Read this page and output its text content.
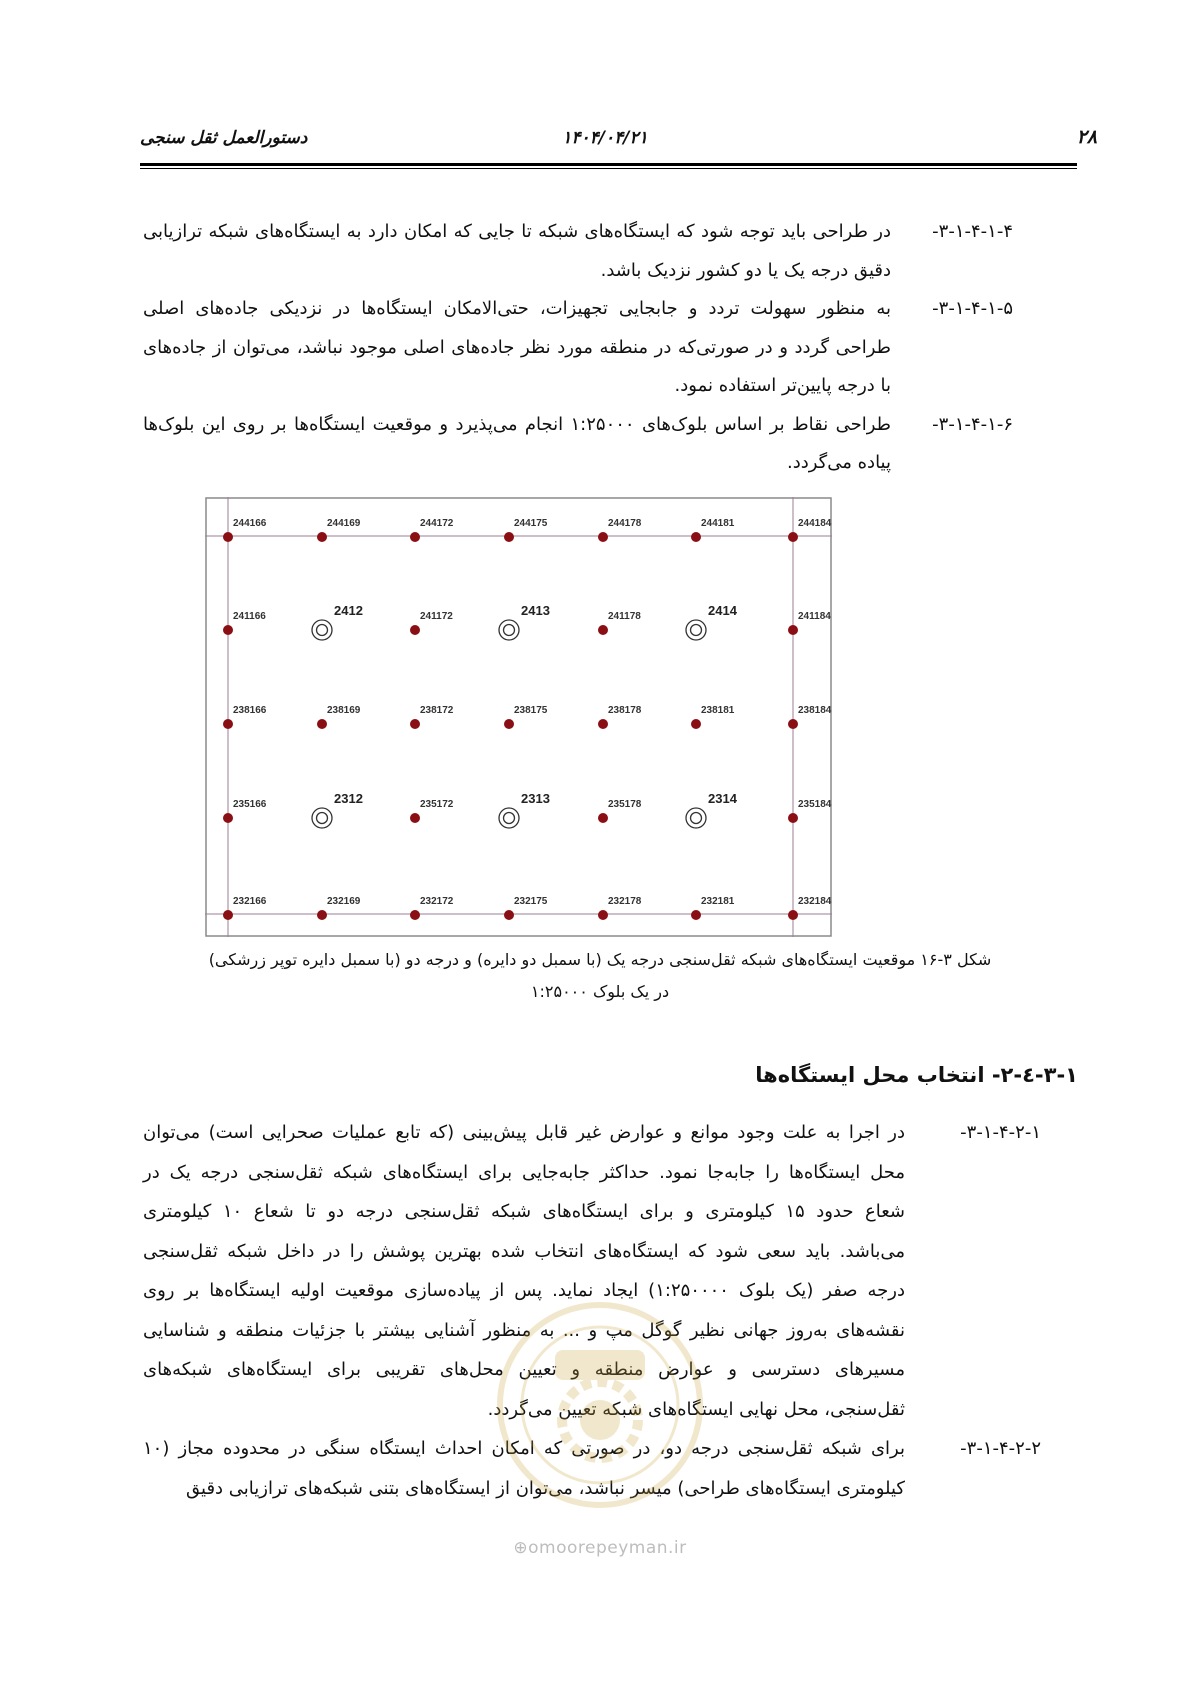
۲۸
۱۴۰۴/۰۴/۲۱
دستورالعمل ثقل سنجی
۳-۱-۴-۱-۴-
در طراحی باید توجه شود که ایستگاه‌های شبکه تا جایی که امکان دارد به ایستگاه‌های شبکه ترازیابی
دقیق درجه یک یا دو کشور نزدیک باشد.
۳-۱-۴-۱-۵-
به منظور سهولت تردد و جابجایی تجهیزات، حتی‌الامکان ایستگاه‌ها در نزدیکی جاده‌های اصلی
طراحی گردد و در صورتی‌که در منطقه مورد نظر جاده‌های اصلی موجود نباشد، می‌توان از جاده‌های
با درجه پایین‌تر استفاده نمود.
۳-۱-۴-۱-۶-
طراحی نقاط بر اساس بلوک‌های ۱:۲۵۰۰۰ انجام می‌پذیرد و موقعیت ایستگاه‌ها بر روی این بلوک‌ها
پیاده می‌گردد.
244166	244169	244172	244175	244178	244181	244184
241166	2412	241172	2413	241178	2414	241184
238166	238169	238172	238175	238178	238181	238184
235166	2312	235172	2313	235178	2314	235184
232166	232169	232172	232175	232178	232181	232184
شکل ۳-۱۶ موقعیت ایستگاه‌های شبکه ثقل‌سنجی درجه یک (با سمبل دو دایره) و درجه دو (با سمبل دایره توپر زرشکی)
در یک بلوک ۱:۲۵۰۰۰
۳-۱-٤-۲- انتخاب محل ایستگاه‌ها
۳-۱-۴-۲-۱-
در اجرا به علت وجود موانع و عوارض غیر قابل پیش‌بینی (که تابع عملیات صحرایی است) می‌توان
محل ایستگاه‌ها را جابه‌جا نمود. حداکثر جابه‌جایی برای ایستگاه‌های شبکه ثقل‌سنجی درجه یک در
شعاع حدود ۱۵ کیلومتری و برای ایستگاه‌های شبکه ثقل‌سنجی درجه دو تا شعاع ۱۰ کیلومتری
می‌باشد. باید سعی شود که ایستگاه‌های انتخاب شده بهترین پوشش را در داخل شبکه ثقل‌سنجی
درجه صفر (یک بلوک ۱:۲۵۰۰۰۰) ایجاد نماید. پس از پیاده‌سازی موقعیت اولیه ایستگاه‌ها بر روی
نقشه‌های به‌روز جهانی نظیر گوگل مپ و ... به منظور آشنایی بیشتر با جزئیات منطقه و شناسایی
مسیرهای دسترسی و عوارض منطقه و تعیین محل‌های تقریبی برای ایستگاه‌های شبکه‌های
ثقل‌سنجی، محل نهایی ایستگاه‌های شبکه تعیین می‌گردد.
۳-۱-۴-۲-۲-
برای شبکه ثقل‌سنجی درجه دو، در صورتی که امکان احداث ایستگاه سنگی در محدوده مجاز (۱۰
کیلومتری ایستگاه‌های طراحی) میسر نباشد، می‌توان از ایستگاه‌های بتنی شبکه‌های ترازیابی دقیق
⊕omoorepeyman.ir
